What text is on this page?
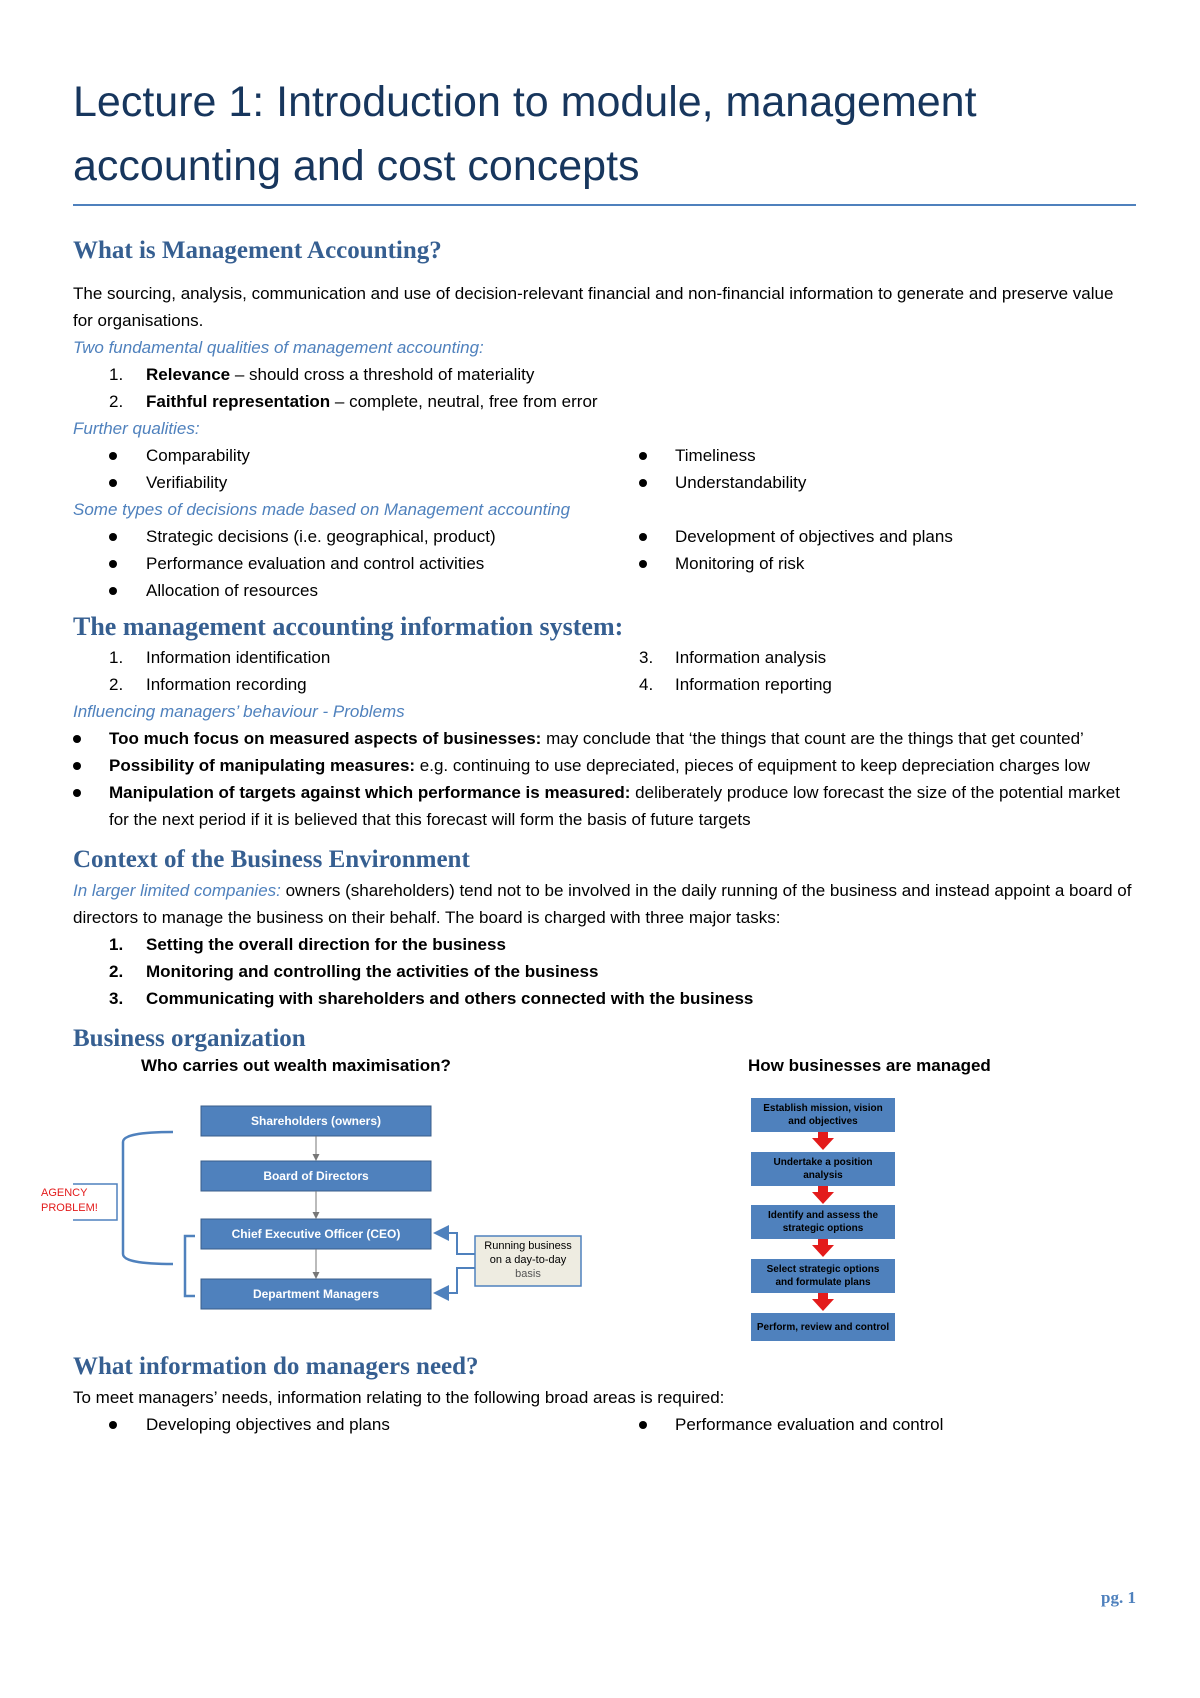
Lecture 1: Introduction to module, management accounting and cost concepts
What is Management Accounting?

The sourcing, analysis, communication and use of decision-relevant financial and non-financial information to generate and preserve value for organisations.

Two fundamental qualities of management accounting:
1.	Relevance – should cross a threshold of materiality
2.	Faithful representation – complete, neutral, free from error
Further qualities:
Comparability
Verifiability
Timeliness
Understandability
Some types of decisions made based on Management accounting
Strategic decisions (i.e. geographical, product)
Performance evaluation and control activities
Allocation of resources
Development of objectives and plans
Monitoring of risk
The management accounting information system:
1.	Information identification
2.	Information recording
3.	Information analysis
4.	Information reporting
Influencing managers’ behaviour - Problems
Too much focus on measured aspects of businesses: may conclude that ‘the things that count are the things that get counted’
Possibility of manipulating measures: e.g. continuing to use depreciated, pieces of equipment to keep depreciation charges low
Manipulation of targets against which performance is measured: deliberately produce low forecast the size of the potential market for the next period if it is believed that this forecast will form the basis of future targets
Context of the Business Environment

In larger limited companies: owners (shareholders) tend not to be involved in the daily running of the business and instead appoint a board of directors to manage the business on their behalf. The board is charged with three major tasks:

1.	Setting the overall direction for the business
2.	Monitoring and controlling the activities of the business
3.	Communicating with shareholders and others connected with the business
Business organization
Who carries out wealth maximisation?	How businesses are managed
Shareholders (owners)
Board of Directors
Chief Executive Officer (CEO)
Department Managers
AGENCY
PROBLEM!
Running business
on a day-to-day
basis
Establish mission, vision
and objectives
Undertake a position
analysis
Identify and assess the
strategic options
Select strategic options
and formulate plans
Perform, review and control
What information do managers need?

To meet managers’ needs, information relating to the following broad areas is required:

Developing objectives and plans	Performance evaluation and control
pg. 1
